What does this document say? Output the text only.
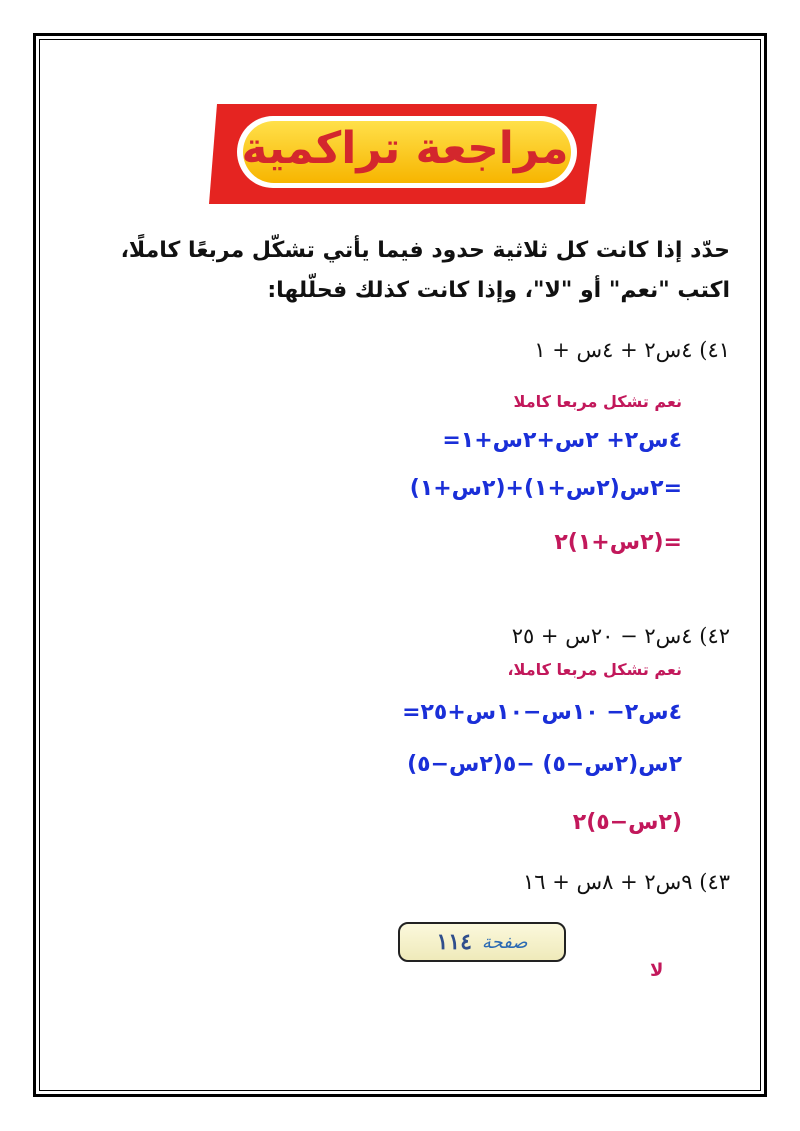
مراجعة تراكمية
حدّد إذا كانت كل ثلاثية حدود فيما يأتي تشكّل مربعًا كاملًا،
اكتب "نعم" أو "لا"، وإذا كانت كذلك فحلّلها:
٤١) ٤س٢ + ٤س + ١
نعم تشكل مربعا كاملا
٤س٢+ ٢س+٢س+١=
=٢س(٢س+١)+(٢س+١)
=(٢س+١)٢
٤٢) ٤س٢ − ٢٠س + ٢٥
نعم تشكل مربعا كاملا،
٤س٢− ١٠س−١٠س+٢٥=
٢س(٢س−٥) −٥(٢س−٥)
(٢س−٥)٢
٤٣) ٩س٢ + ٨س + ١٦
صفحة
١١٤
لا
